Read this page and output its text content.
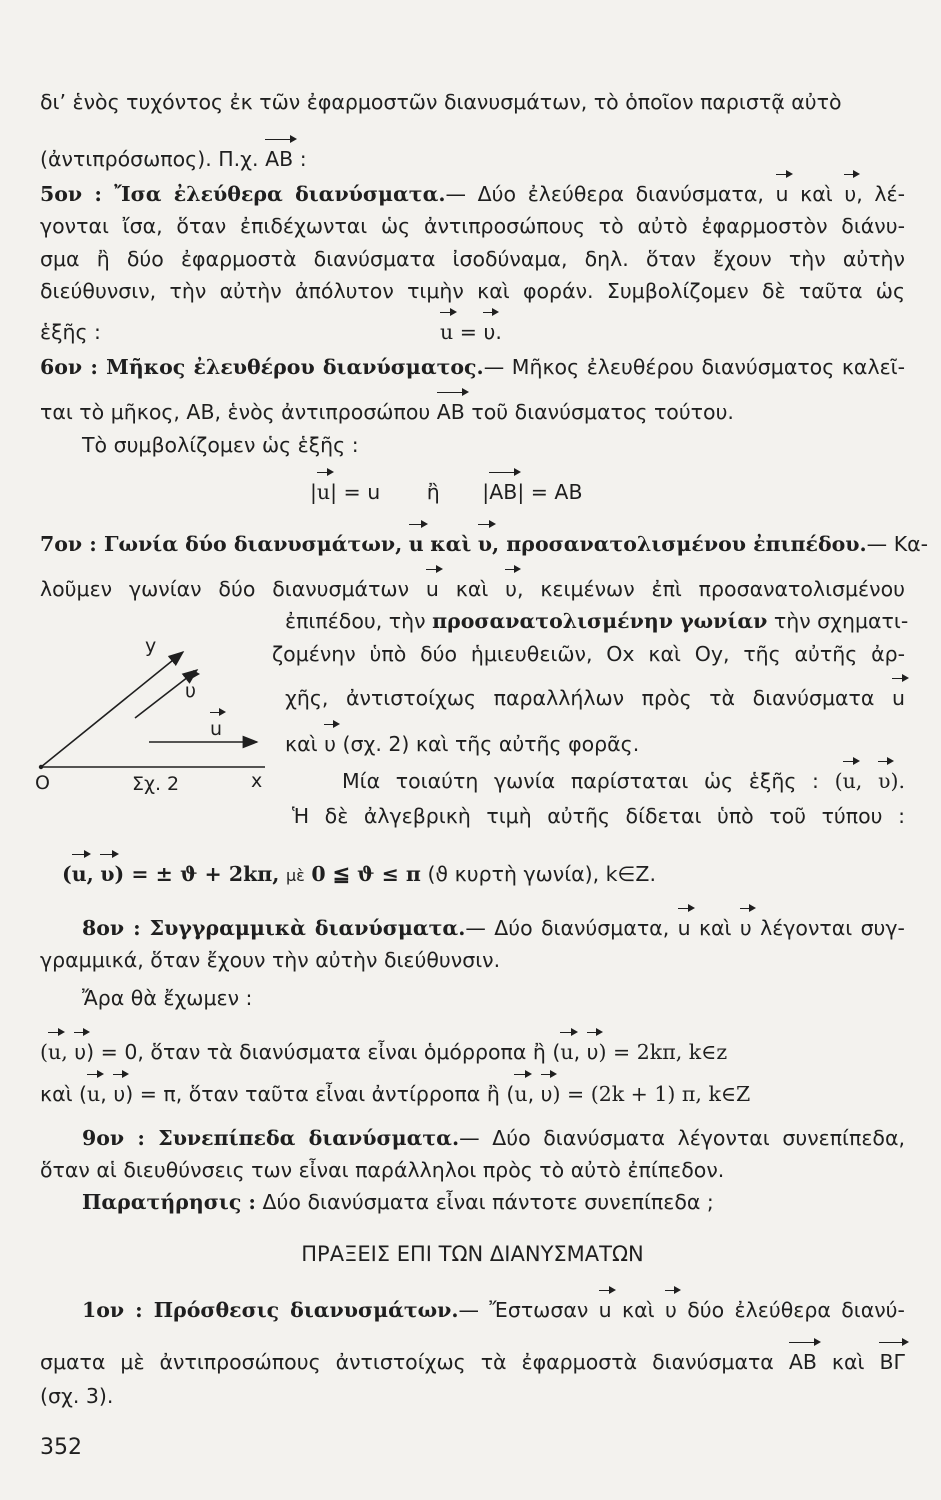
δι’ ἑνὸς τυχόντος ἐκ τῶν ἐφαρμοστῶν διανυσμάτων, τὸ ὁποῖον παριστᾷ αὐτὸ
(ἀντιπρόσωπος). Π.χ. AB :
5ον : Ἴσα ἐλεύθερα διανύσματα.— Δύο ἐλεύθερα διανύσματα, u καὶ υ, λέ-
γονται ἴσα, ὅταν ἐπιδέχωνται ὡς ἀντιπροσώπους τὸ αὐτὸ ἐφαρμοστὸν διάνυ-
σμα ἢ δύο ἐφαρμοστὰ διανύσματα ἰσοδύναμα, δηλ. ὅταν ἔχουν τὴν αὐτὴν
διεύθυνσιν, τὴν αὐτὴν ἀπόλυτον τιμὴν καὶ φοράν. Συμβολίζομεν δὲ ταῦτα ὡς
ἑξῆς :	u = υ.
6ον : Μῆκος ἐλευθέρου διανύσματος.— Μῆκος ἐλευθέρου διανύσματος καλεῖ-
ται τὸ μῆκος, AB, ἑνὸς ἀντιπροσώπου AB τοῦ διανύσματος τούτου.
Τὸ συμβολίζομεν ὡς ἑξῆς :
|u| = u ἢ |AB| = AB
7ον : Γωνία δύο διανυσμάτων, u καὶ υ, προσανατολισμένου ἐπιπέδου.— Κα-
λοῦμεν γωνίαν δύο διανυσμάτων u καὶ υ, κειμένων ἐπὶ προσανατολισμένου
ἐπιπέδου, τὴν προσανατολισμένην γωνίαν τὴν σχηματι-
ζομένην ὑπὸ δύο ἡμιευθειῶν, Ox καὶ Oy, τῆς αὐτῆς ἀρ-
χῆς, ἀντιστοίχως παραλλήλων πρὸς τὰ διανύσματα u
καὶ υ (σχ. 2) καὶ τῆς αὐτῆς φορᾶς.
Μία τοιαύτη γωνία παρίσταται ὡς ἑξῆς : (u, υ).
Ἡ δὲ ἀλγεβρικὴ τιμὴ αὐτῆς δίδεται ὑπὸ τοῦ τύπου :
(u, υ) = ± ϑ + 2kπ, μὲ 0 ≦ ϑ ≤ π (ϑ κυρτὴ γωνία), k∈Z.
8ον : Συγγραμμικὰ διανύσματα.— Δύο διανύσματα, u καὶ υ λέγονται συγ-
γραμμικά, ὅταν ἔχουν τὴν αὐτὴν διεύθυνσιν.
Ἄρα θὰ ἔχωμεν :
(u, υ) = 0, ὅταν τὰ διανύσματα εἶναι ὁμόρροπα ἢ (u, υ) = 2kπ, k∈z
καὶ (u, υ) = π, ὅταν ταῦτα εἶναι ἀντίρροπα ἢ (u, υ) = (2k + 1) π, k∈Z
9ον : Συνεπίπεδα διανύσματα.— Δύο διανύσματα λέγονται συνεπίπεδα,
ὅταν αἱ διευθύνσεις των εἶναι παράλληλοι πρὸς τὸ αὐτὸ ἐπίπεδον.
Παρατήρησις : Δύο διανύσματα εἶναι πάντοτε συνεπίπεδα ;
ΠΡΑΞΕΙΣ ΕΠΙ ΤΩΝ ΔΙΑΝΥΣΜΑΤΩΝ
1ον : Πρόσθεσις διανυσμάτων.— Ἔστωσαν u καὶ υ δύο ἐλεύθερα διανύ-
σματα μὲ ἀντιπροσώπους ἀντιστοίχως τὰ ἐφαρμοστὰ διανύσματα AB καὶ BΓ
(σχ. 3).
y
υ
u
O	x
Σχ. 2
352
